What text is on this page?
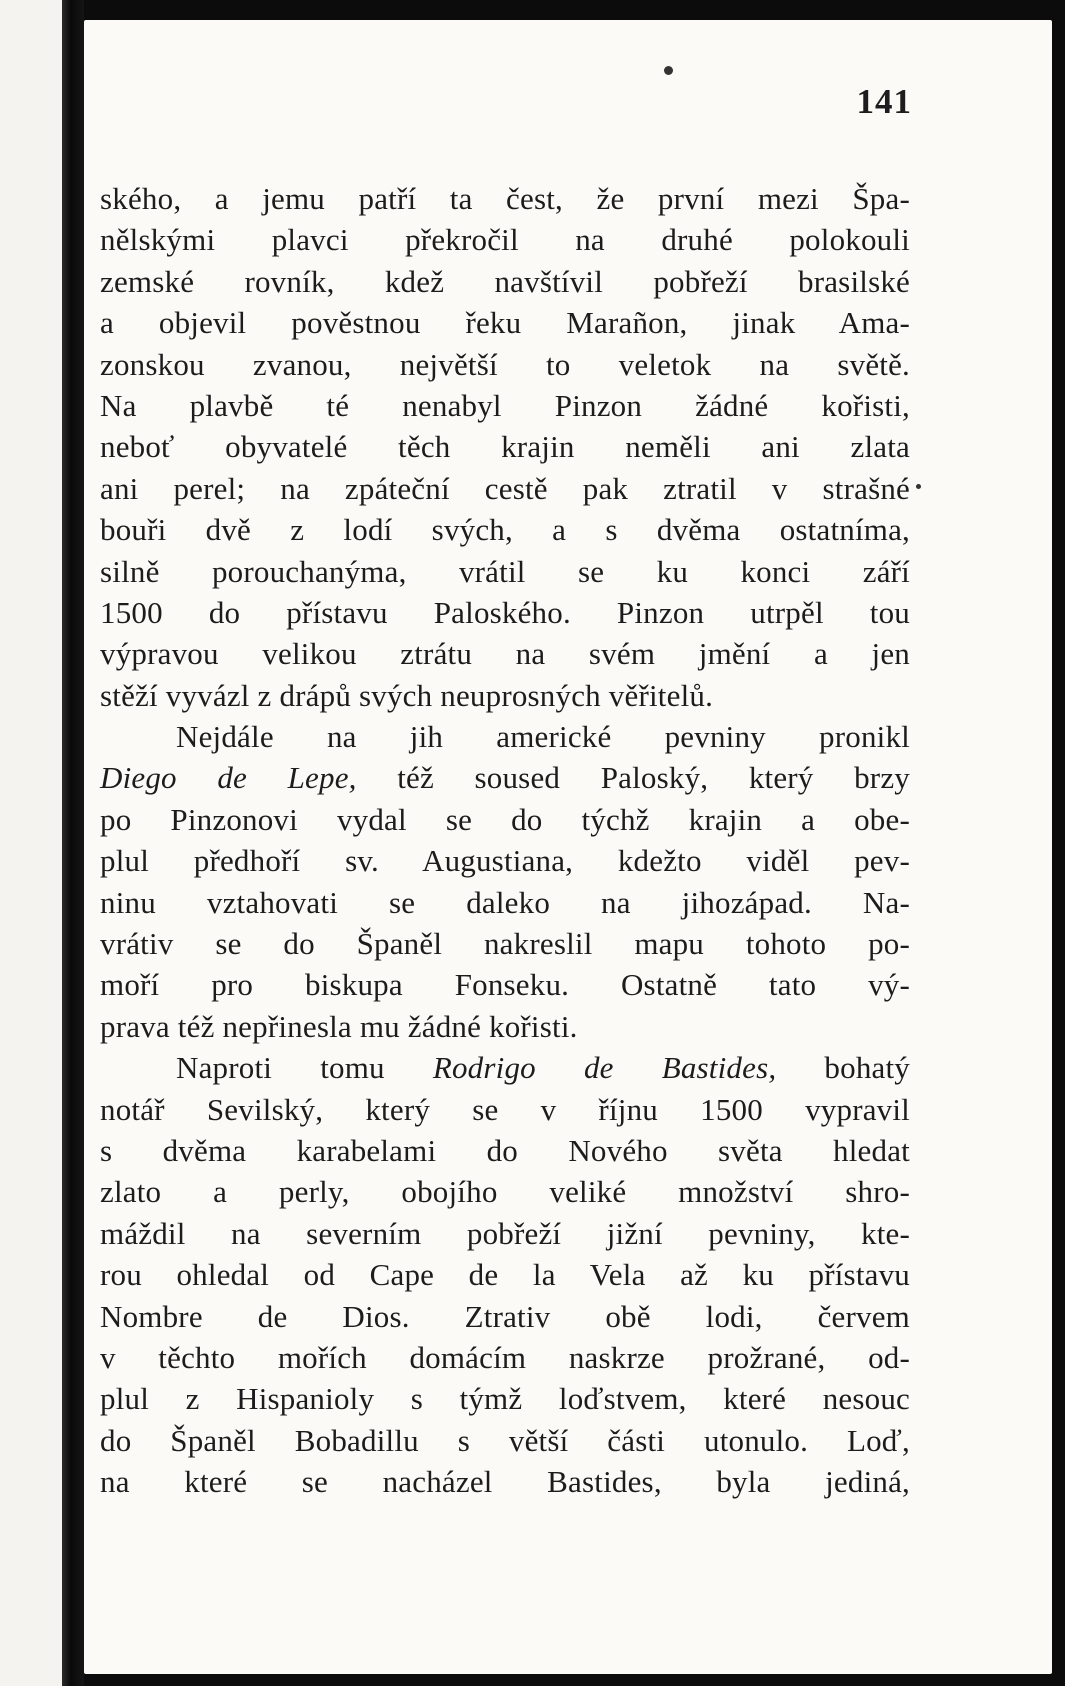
141
ského, a jemu patří ta čest, že první mezi Špa-
nělskými plavci překročil na druhé polokouli
zemské rovník, kdež navštívil pobřeží brasilské
a objevil pověstnou řeku Marañon, jinak Ama-
zonskou zvanou, největší to veletok na světě.
Na plavbě té nenabyl Pinzon žádné kořisti,
neboť obyvatelé těch krajin neměli ani zlata
ani perel; na zpáteční cestě pak ztratil v strašné
bouři dvě z lodí svých, a s dvěma ostatníma,
silně porouchanýma, vrátil se ku konci září
1500 do přístavu Paloského. Pinzon utrpěl tou
výpravou velikou ztrátu na svém jmění a jen
stěží vyvázl z drápů svých neuprosných věřitelů.
Nejdále na jih americké pevniny pronikl
Diego de Lepe, též soused Paloský, který brzy
po Pinzonovi vydal se do týchž krajin a obe-
plul předhoří sv. Augustiana, kdežto viděl pev-
ninu vztahovati se daleko na jihozápad. Na-
vrátiv se do Španěl nakreslil mapu tohoto po-
moří pro biskupa Fonseku. Ostatně tato vý-
prava též nepřinesla mu žádné kořisti.
Naproti tomu Rodrigo de Bastides, bohatý
notář Sevilský, který se v říjnu 1500 vypravil
s dvěma karabelami do Nového světa hledat
zlato a perly, obojího veliké množství shro-
máždil na severním pobřeží jižní pevniny, kte-
rou ohledal od Cape de la Vela až ku přístavu
Nombre de Dios. Ztrativ obě lodi, červem
v těchto mořích domácím naskrze prožrané, od-
plul z Hispanioly s týmž loďstvem, které nesouc
do Španěl Bobadillu s větší části utonulo. Loď,
na které se nacházel Bastides, byla jediná,
